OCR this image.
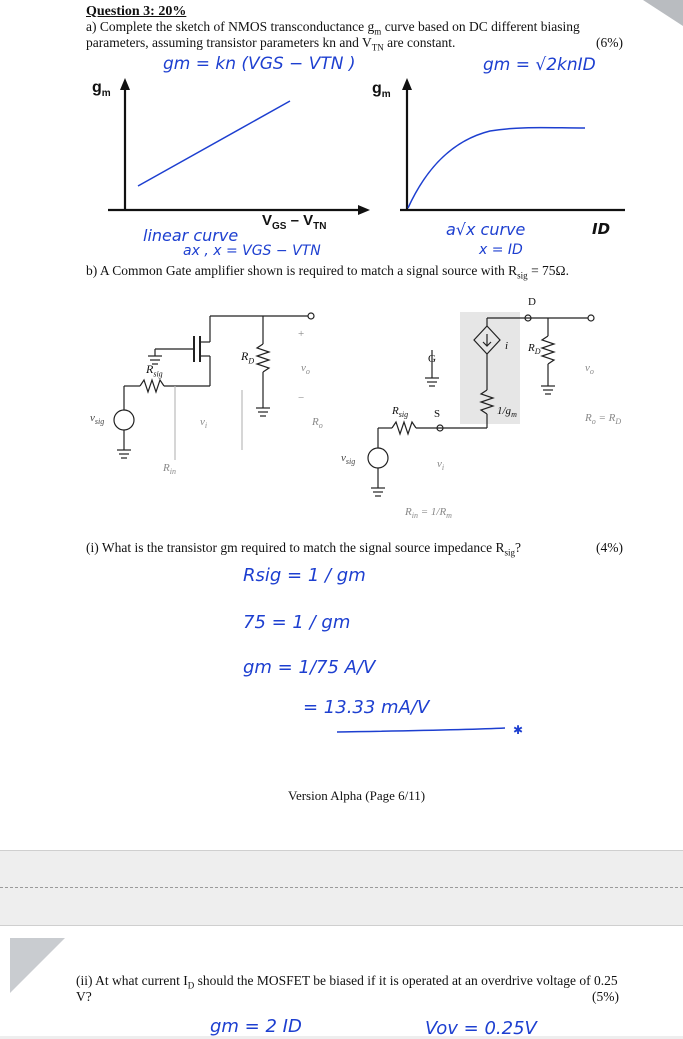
Question 3: 20%
a) Complete the sketch of NMOS transconductance $g_m$ curve based on DC different biasing
parameters, assuming transistor parameters kn and $V_{TN}$ are constant.	(6%)
gm = kn (VGS − VTN )	gm = √2knID
$g_m$
$V_{GS} - V_{TN}$
$g_m$
linear curve
ax , x = VGS − VTN
a√x curve
x = ID
ID
b) A Common Gate amplifier shown is required to match a signal source with $R_{sig} = 75\Omega$.
$R_{sig}$
$v_{sig}$
$R_D$
$R_{in}$
$R_o$
$v_o$
$v_i$
+
−
D
G
S
i $R_D$
$1/g_m$
$R_{sig}$
$v_{sig}$	$v_i$
$v_o$
$R_o = R_D$
$R_{in} = 1/R_m$
(i) What is the transistor gm required to match the signal source impedance $R_{sig}$?	(4%)
Rsig = 1 / gm
75 = 1 / gm
gm = 1/75 A/V
= 13.33 mA/V
✱
Version Alpha (Page 6/11)
(ii) At what current $I_D$ should the MOSFET be biased if it is operated at an overdrive voltage of 0.25
V?	(5%)
gm = 2 ID	Vov = 0.25V
